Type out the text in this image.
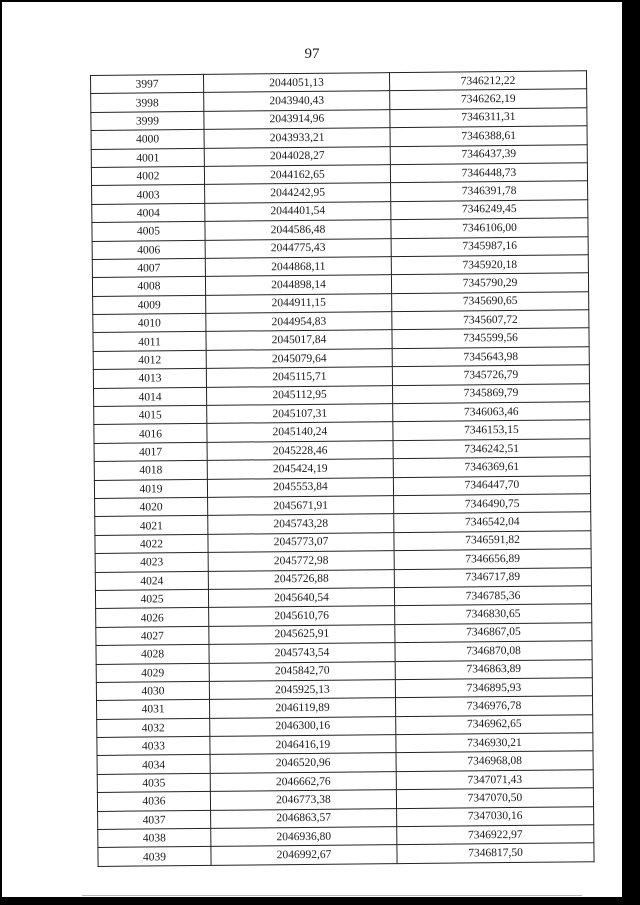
97
3997	2044051,13	7346212,22
3998	2043940,43	7346262,19
3999	2043914,96	7346311,31
4000	2043933,21	7346388,61
4001	2044028,27	7346437,39
4002	2044162,65	7346448,73
4003	2044242,95	7346391,78
4004	2044401,54	7346249,45
4005	2044586,48	7346106,00
4006	2044775,43	7345987,16
4007	2044868,11	7345920,18
4008	2044898,14	7345790,29
4009	2044911,15	7345690,65
4010	2044954,83	7345607,72
4011	2045017,84	7345599,56
4012	2045079,64	7345643,98
4013	2045115,71	7345726,79
4014	2045112,95	7345869,79
4015	2045107,31	7346063,46
4016	2045140,24	7346153,15
4017	2045228,46	7346242,51
4018	2045424,19	7346369,61
4019	2045553,84	7346447,70
4020	2045671,91	7346490,75
4021	2045743,28	7346542,04
4022	2045773,07	7346591,82
4023	2045772,98	7346656,89
4024	2045726,88	7346717,89
4025	2045640,54	7346785,36
4026	2045610,76	7346830,65
4027	2045625,91	7346867,05
4028	2045743,54	7346870,08
4029	2045842,70	7346863,89
4030	2045925,13	7346895,93
4031	2046119,89	7346976,78
4032	2046300,16	7346962,65
4033	2046416,19	7346930,21
4034	2046520,96	7346968,08
4035	2046662,76	7347071,43
4036	2046773,38	7347070,50
4037	2046863,57	7347030,16
4038	2046936,80	7346922,97
4039	2046992,67	7346817,50
